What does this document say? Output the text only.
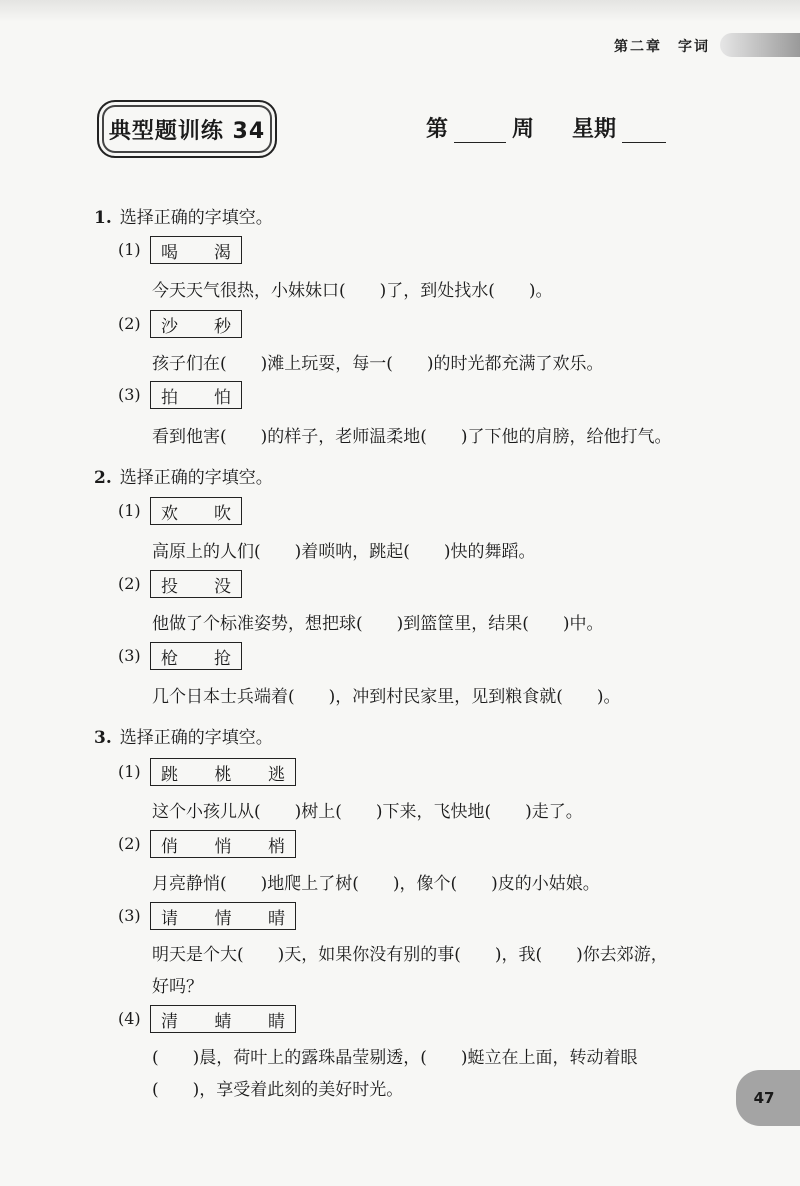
第二章　字词
典型题训练 34	第	周 星期
1. 选择正确的字填空。
(1) 喝 渴
今天天气很热，小妹妹口(　　)了，到处找水(　　)。
(2) 沙 秒
孩子们在(　　)滩上玩耍，每一(　　)的时光都充满了欢乐。
(3) 拍 怕
看到他害(　　)的样子，老师温柔地(　　)了下他的肩膀，给他打气。
2. 选择正确的字填空。
(1) 欢 吹
高原上的人们(　　)着唢呐，跳起(　　)快的舞蹈。
(2) 投 没
他做了个标准姿势，想把球(　　)到篮筐里，结果(　　)中。
(3) 枪 抢
几个日本士兵端着(　　)，冲到村民家里，见到粮食就(　　)。
3. 选择正确的字填空。
(1) 跳 桃 逃
这个小孩儿从(　　)树上(　　)下来，飞快地(　　)走了。
(2) 俏 悄 梢
月亮静悄(　　)地爬上了树(　　)，像个(　　)皮的小姑娘。
(3) 请 情 晴
明天是个大(　　)天，如果你没有别的事(　　)，我(　　)你去郊游，
好吗？
(4) 清 蜻 睛
(　　)晨，荷叶上的露珠晶莹剔透，(　　)蜓立在上面，转动着眼
(　　)，享受着此刻的美好时光。	47
